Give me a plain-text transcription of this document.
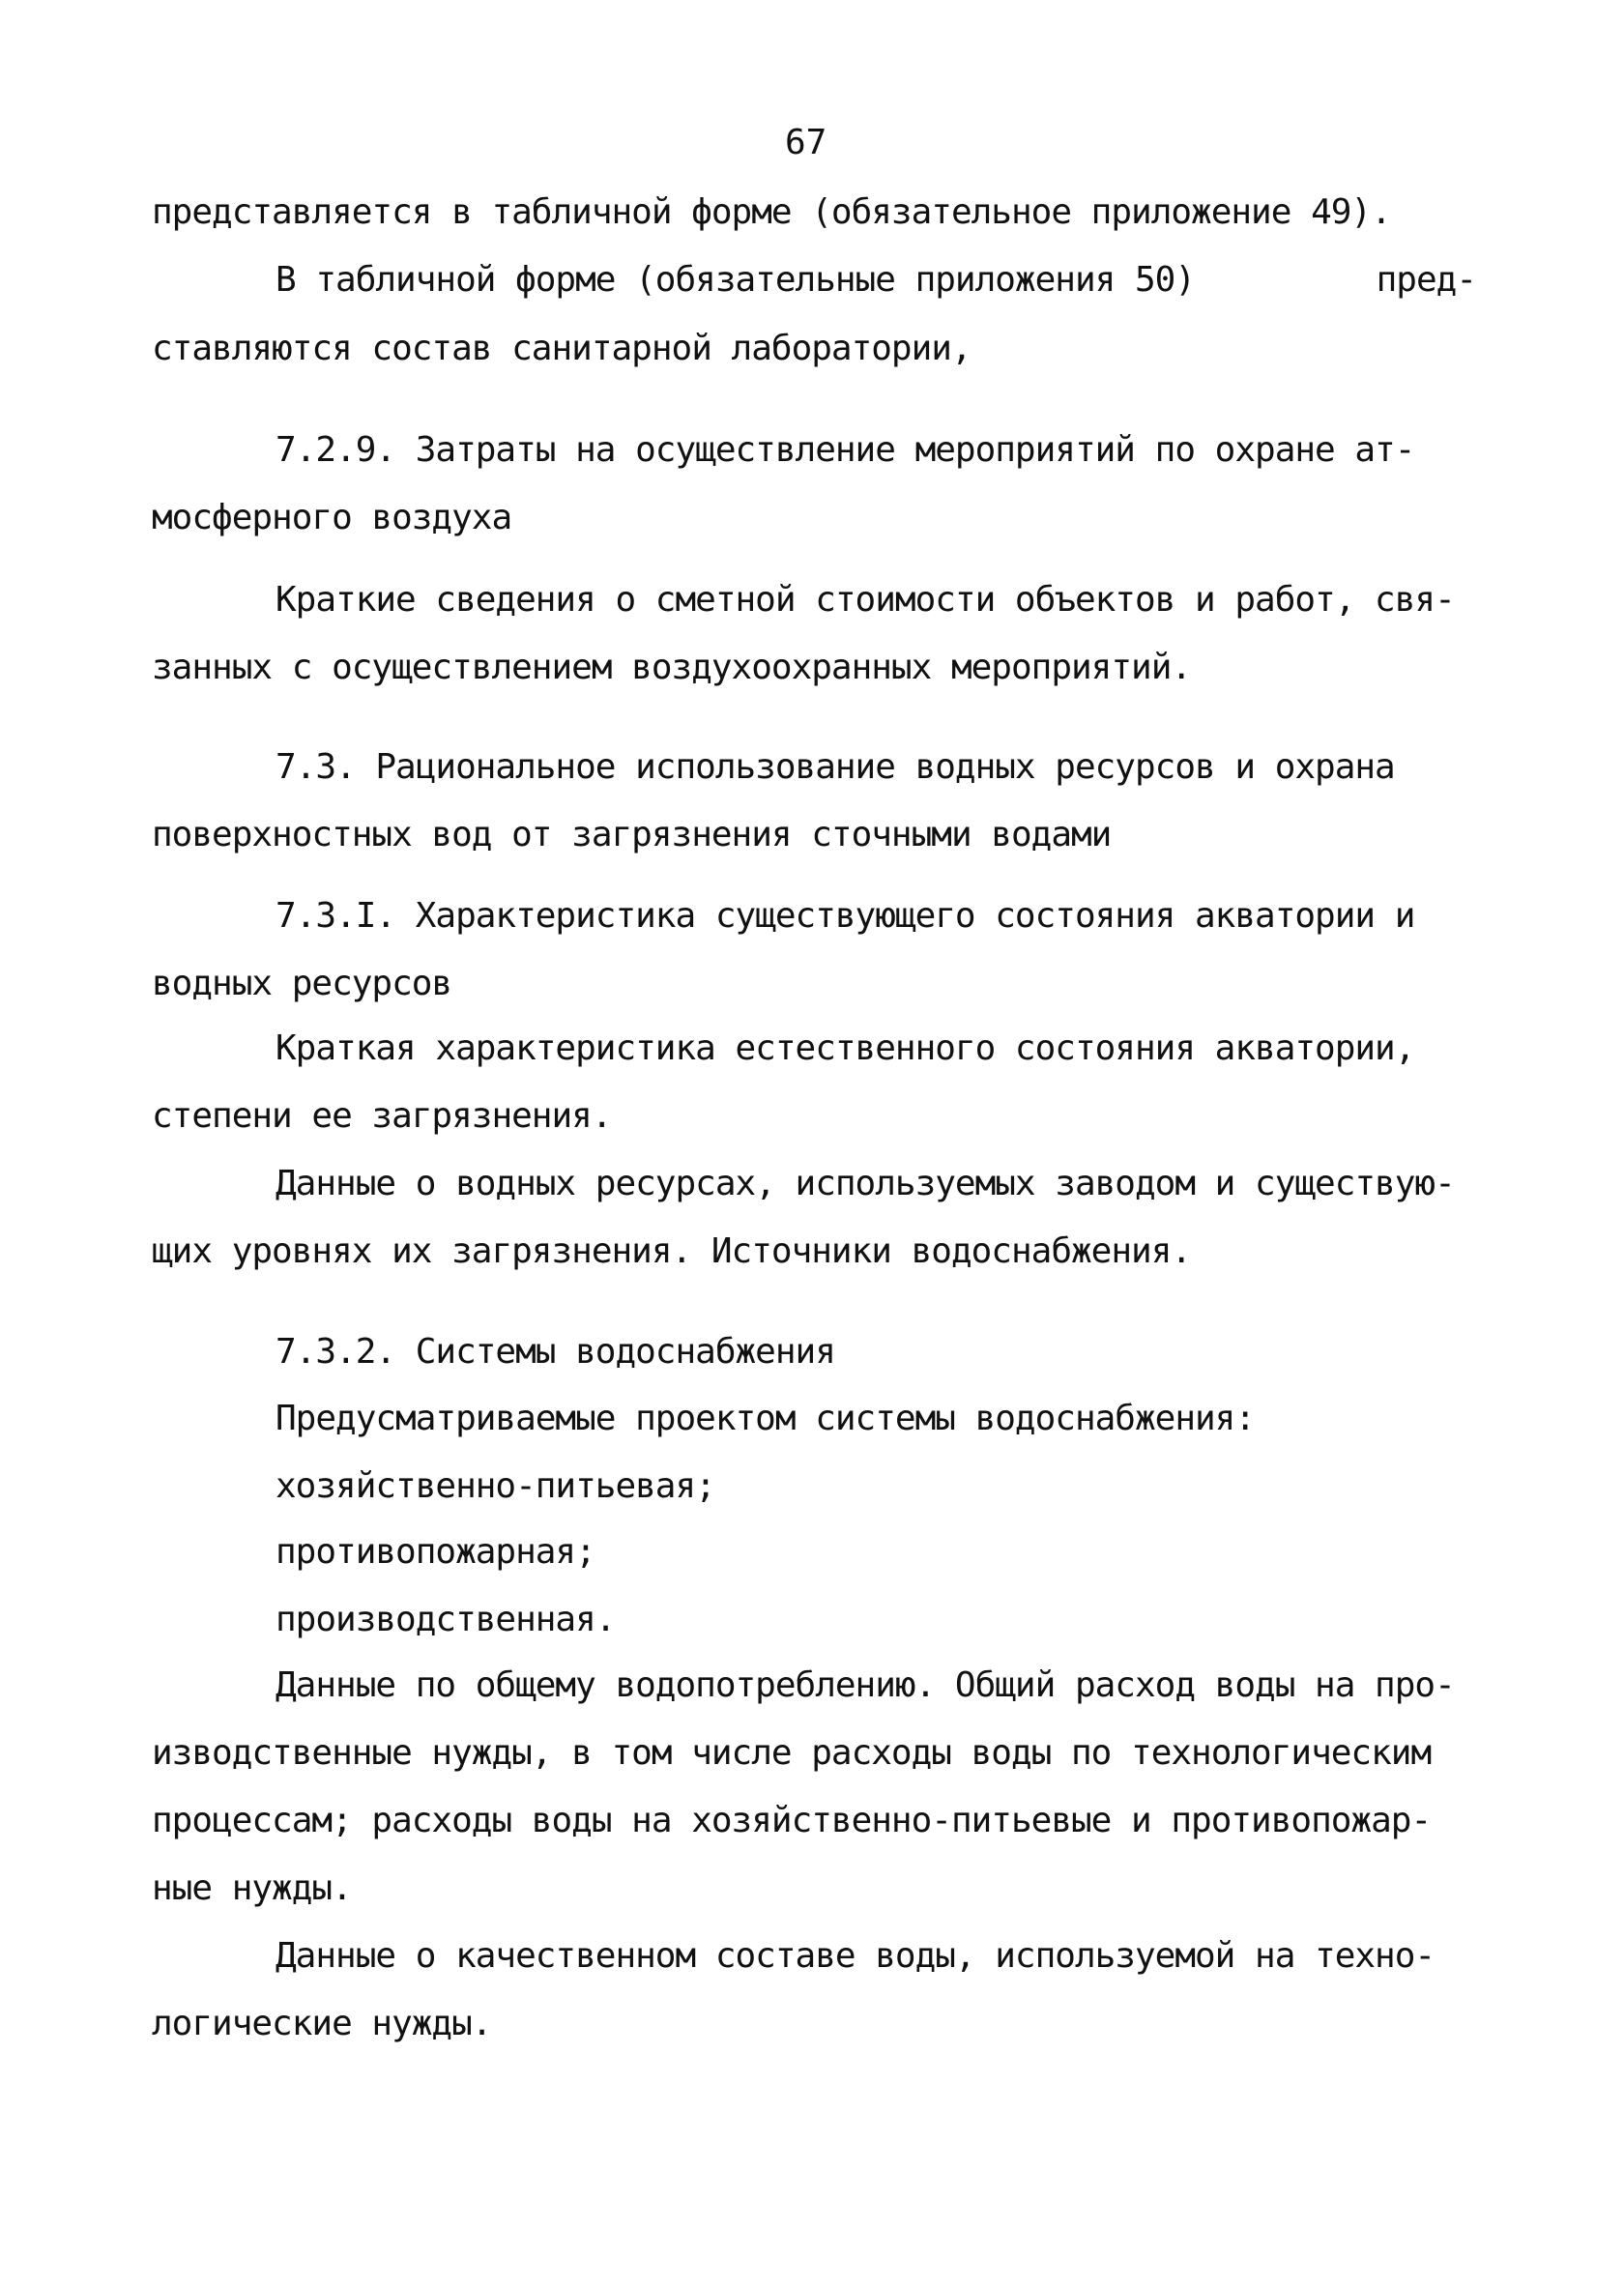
67
представляется в табличной форме (обязательное приложение 49).
В табличной форме (обязательные приложения 50)	пред-
ставляются состав санитарной лаборатории,
7.2.9. Затраты на осуществление мероприятий по охране ат-
мосферного воздуха
Краткие сведения о сметной стоимости объектов и работ, свя-
занных с осуществлением воздухоохранных мероприятий.
7.3. Рациональное использование водных ресурсов и охрана
поверхностных вод от загрязнения сточными водами
7.3.I. Характеристика существующего состояния акватории и
водных ресурсов
Краткая характеристика естественного состояния акватории,
степени ее загрязнения.
Данные о водных ресурсах, используемых заводом и существую-
щих уровнях их загрязнения. Источники водоснабжения.
7.3.2. Системы водоснабжения
Предусматриваемые проектом системы водоснабжения:
хозяйственно-питьевая;
противопожарная;
производственная.
Данные по общему водопотреблению. Общий расход воды на про-
изводственные нужды, в том числе расходы воды по технологическим
процессам; расходы воды на хозяйственно-питьевые и противопожар-
ные нужды.
Данные о качественном составе воды, используемой на техно-
логические нужды.
